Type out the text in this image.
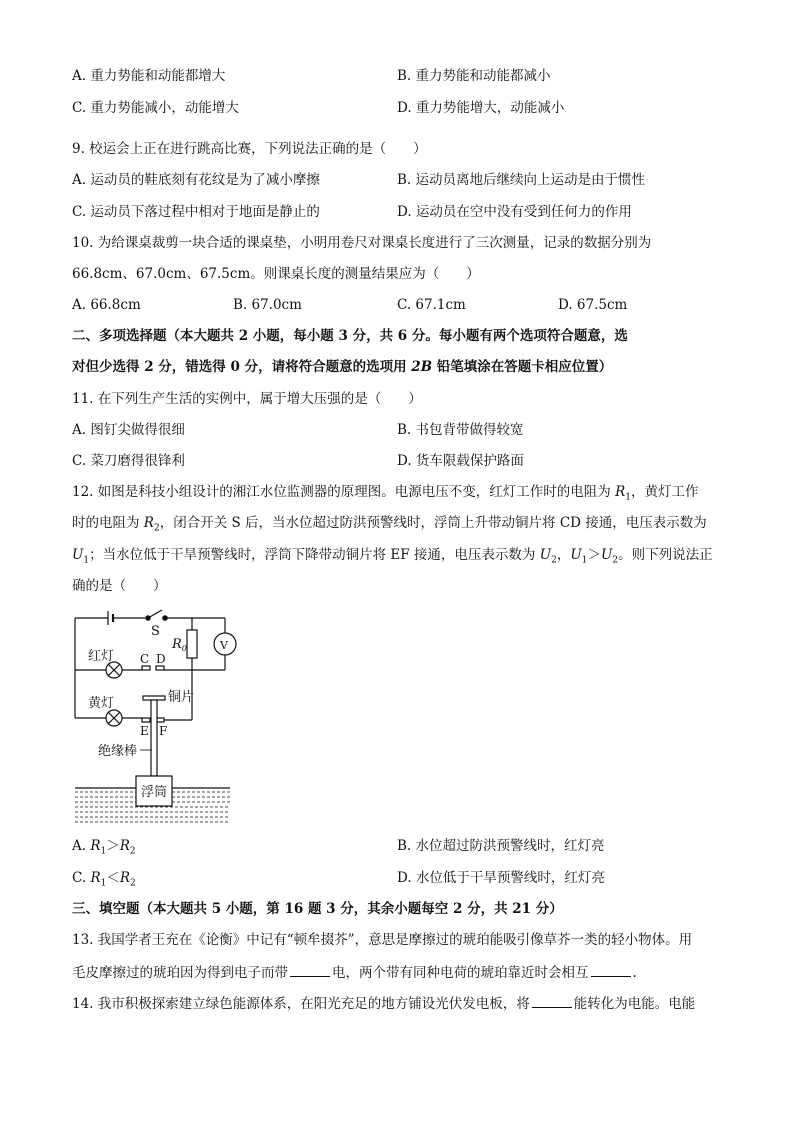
A. 重力势能和动能都增大	B. 重力势能和动能都减小
C. 重力势能减小，动能增大	D. 重力势能增大，动能减小
9. 校运会上正在进行跳高比赛，下列说法正确的是（　　）
A. 运动员的鞋底刻有花纹是为了减小摩擦	B. 运动员离地后继续向上运动是由于惯性
C. 运动员下落过程中相对于地面是静止的	D. 运动员在空中没有受到任何力的作用
10. 为给课桌裁剪一块合适的课桌垫，小明用卷尺对课桌长度进行了三次测量，记录的数据分别为
66.8cm、67.0cm、67.5cm。则课桌长度的测量结果应为（　　）
A. 66.8cm	B. 67.0cm	C. 67.1cm	D. 67.5cm
二、多项选择题（本大题共 2 小题，每小题 3 分，共 6 分。每小题有两个选项符合题意，选
对但少选得 2 分，错选得 0 分，请将符合题意的选项用 2B 铅笔填涂在答题卡相应位置）
11. 在下列生产生活的实例中，属于增大压强的是（　　）
A. 图钉尖做得很细	B. 书包背带做得较宽
C. 菜刀磨得很锋利	D. 货车限载保护路面
12. 如图是科技小组设计的湘江水位监测器的原理图。电源电压不变，红灯工作时的电阻为 $R_1$，黄灯工作
时的电阻为 $R_2$，闭合开关 S 后，当水位超过防洪预警线时，浮筒上升带动铜片将 CD 接通，电压表示数为
$U_1$；当水位低于干旱预警线时，浮筒下降带动铜片将 EF 接通，电压表示数为 $U_2$，$U_1>U_2$。则下列说法正
确的是（　　）
S
$R_0$	V
红灯 C D
黄灯	铜片
E F
绝缘棒
浮筒
A. $R_1>R_2$	B. 水位超过防洪预警线时，红灯亮
C. $R_1<R_2$	D. 水位低于干旱预警线时，红灯亮
三、填空题（本大题共 5 小题，第 16 题 3 分，其余小题每空 2 分，共 21 分）
13. 我国学者王充在《论衡》中记有“顿牟掇芥”，意思是摩擦过的琥珀能吸引像草芥一类的轻小物体。用
毛皮摩擦过的琥珀因为得到电子而带	电，两个带有同种电荷的琥珀靠近时会相互	.
14. 我市积极探索建立绿色能源体系，在阳光充足的地方铺设光伏发电板，将	能转化为电能。电能
